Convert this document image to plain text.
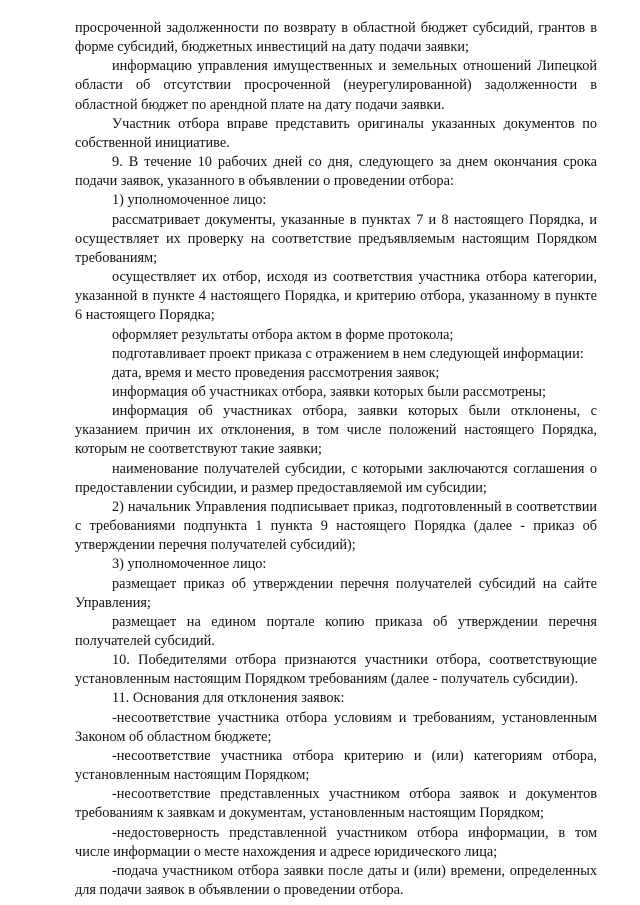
просроченной задолженности по возврату в областной бюджет субсидий, грантов в форме субсидий, бюджетных инвестиций на дату подачи заявки;

информацию управления имущественных и земельных отношений Липецкой области об отсутствии просроченной (неурегулированной) задолженности в областной бюджет по арендной плате на дату подачи заявки.

Участник отбора вправе представить оригиналы указанных документов по собственной инициативе.

9. В течение 10 рабочих дней со дня, следующего за днем окончания срока подачи заявок, указанного в объявлении о проведении отбора:

1) уполномоченное лицо:

рассматривает документы, указанные в пунктах 7 и 8 настоящего Порядка, и осуществляет их проверку на соответствие предъявляемым настоящим Порядком требованиям;

осуществляет их отбор, исходя из соответствия участника отбора категории, указанной в пункте 4 настоящего Порядка, и критерию отбора, указанному в пункте 6 настоящего Порядка;

оформляет результаты отбора актом в форме протокола;

подготавливает проект приказа с отражением в нем следующей информации:

дата, время и место проведения рассмотрения заявок;

информация об участниках отбора, заявки которых были рассмотрены;

информация об участниках отбора, заявки которых были отклонены, с указанием причин их отклонения, в том числе положений настоящего Порядка, которым не соответствуют такие заявки;

наименование получателей субсидии, с которыми заключаются соглашения о предоставлении субсидии, и размер предоставляемой им субсидии;

2) начальник Управления подписывает приказ, подготовленный в соответствии с требованиями подпункта 1 пункта 9 настоящего Порядка (далее - приказ об утверждении перечня получателей субсидий);

3) уполномоченное лицо:

размещает приказ об утверждении перечня получателей субсидий на сайте Управления;

размещает на едином портале копию приказа об утверждении перечня получателей субсидий.

10. Победителями отбора признаются участники отбора, соответствующие установленным настоящим Порядком требованиям (далее - получатель субсидии).

11. Основания для отклонения заявок:

-несоответствие участника отбора условиям и требованиям, установленным Законом об областном бюджете;

-несоответствие участника отбора критерию и (или) категориям отбора, установленным настоящим Порядком;

-несоответствие представленных участником отбора заявок и документов требованиям к заявкам и документам, установленным настоящим Порядком;

-недостоверность представленной участником отбора информации, в том числе информации о месте нахождения и адресе юридического лица;

-подача участником отбора заявки после даты и (или) времени, определенных для подачи заявок в объявлении о проведении отбора.
